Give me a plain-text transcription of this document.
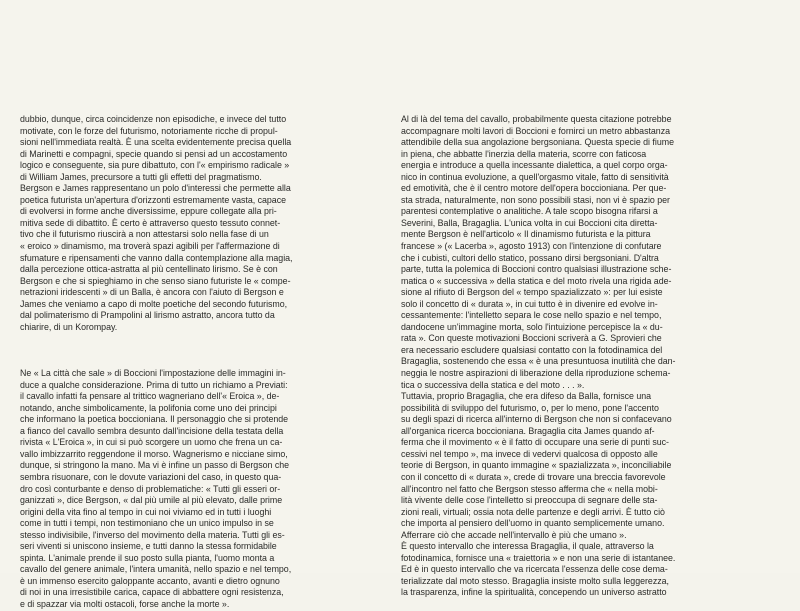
dubbio, dunque, circa coincidenze non episodiche, e invece del tutto
motivate, con le forze del futurismo, notoriamente ricche di propul-
sioni nell'immediata realtà. È una scelta evidentemente precisa quella
di Marinetti e compagni, specie quando si pensi ad un accostamento
logico e conseguente, sia pure dibattuto, con l'« empirismo radicale »
di William James, precursore a tutti gli effetti del pragmatismo.
Bergson e James rappresentano un polo d'interessi che permette alla
poetica futurista un'apertura d'orizzonti estremamente vasta, capace
di evolversi in forme anche diversissime, eppure collegate alla pri-
mitiva sede di dibattito. È certo è attraverso questo tessuto connet-
tivo che il futurismo riuscirà a non attestarsi solo nella fase di un
« eroico » dinamismo, ma troverà spazi agibili per l'affermazione di
sfumature e ripensamenti che vanno dalla contemplazione alla magia,
dalla percezione ottica-astratta al più centellinato lirismo. Se è con
Bergson e che si spieghiamo in che senso siano futuriste le « compe-
netrazioni iridescenti » di un Balla, è ancora con l'aiuto di Bergson e
James che veniamo a capo di molte poetiche del secondo futurismo,
dal polimaterismo di Prampolini al lirismo astratto, ancora tutto da
chiarire, di un Korompay.

Ne « La città che sale » di Boccioni l'impostazione delle immagini in-
duce a qualche considerazione. Prima di tutto un richiamo a Previati:
il cavallo infatti fa pensare al trittico wagneriano dell'« Eroica », de-
notando, anche simbolicamente, la polifonia come uno dei principi
che informano la poetica boccioniana. Il personaggio che si protende
a fianco del cavallo sembra desunto dall'incisione della testata della
rivista « L'Eroica », in cui si può scorgere un uomo che frena un ca-
vallo imbizzarrito reggendone il morso. Wagnerismo e nicciane simo,
dunque, si stringono la mano. Ma vi è infine un passo di Bergson che
sembra risuonare, con le dovute variazioni del caso, in questo qua-
dro così conturbante e denso di problematiche: « Tutti gli esseri or-
ganizzati », dice Bergson, « dal più umile al più elevato, dalle prime
origini della vita fino al tempo in cui noi viviamo ed in tutti i luoghi
come in tutti i tempi, non testimoniano che un unico impulso in se
stesso indivisibile, l'inverso del movimento della materia. Tutti gli es-
seri viventi si uniscono insieme, e tutti danno la stessa formidabile
spinta. L'animale prende il suo posto sulla pianta, l'uomo monta a
cavallo del genere animale, l'intera umanità, nello spazio e nel tempo,
è un immenso esercito galoppante accanto, avanti e dietro ognuno
di noi in una irresistibile carica, capace di abbattere ogni resistenza,
e di spazzar via molti ostacoli, forse anche la morte ».

Al di là del tema del cavallo, probabilmente questa citazione potrebbe
accompagnare molti lavori di Boccioni e fornirci un metro abbastanza
attendibile della sua angolazione bergsoniana. Questa specie di fiume
in piena, che abbatte l'inerzia della materia, scorre con faticosa
energia e introduce a quella incessante dialettica, a quel corpo orga-
nico in continua evoluzione, a quell'orgasmo vitale, fatto di sensitività
ed emotività, che è il centro motore dell'opera boccioniana. Per que-
sta strada, naturalmente, non sono possibili stasi, non vi è spazio per
parentesi contemplative o analitiche. A tale scopo bisogna rifarsi a
Severini, Balla, Bragaglia. L'unica volta in cui Boccioni cita diretta-
mente Bergson è nell'articolo « Il dinamismo futurista e la pittura
francese » (« Lacerba », agosto 1913) con l'intenzione di confutare
che i cubisti, cultori dello statico, possano dirsi bergsoniani. D'altra
parte, tutta la polemica di Boccioni contro qualsiasi illustrazione sche-
matica o « successiva » della statica e del moto rivela una rigida ade-
sione al rifiuto di Bergson del « tempo spazializzato »: per lui esiste
solo il concetto di « durata », in cui tutto è in divenire ed evolve in-
cessantemente: l'intelletto separa le cose nello spazio e nel tempo,
dandocene un'immagine morta, solo l'intuizione percepisce la « du-
rata ». Con queste motivazioni Boccioni scriverà a G. Sprovieri che
era necessario escludere qualsiasi contatto con la fotodinamica del
Bragaglia, sostenendo che essa « è una presuntuosa inutilità che dan-
neggia le nostre aspirazioni di liberazione della riproduzione schema-
tica o successiva della statica e del moto . . . ».

Tuttavia, proprio Bragaglia, che era difeso da Balla, fornisce una
possibilità di sviluppo del futurismo, o, per lo meno, pone l'accento
su degli spazi di ricerca all'interno di Bergson che non si confacevano
all'organica ricerca boccioniana. Bragaglia cita James quando af-
ferma che il movimento « è il fatto di occupare una serie di punti suc-
cessivi nel tempo », ma invece di vedervi qualcosa di opposto alle
teorie di Bergson, in quanto immagine « spazializzata », inconciliabile
con il concetto di « durata », crede di trovare una breccia favorevole
all'incontro nel fatto che Bergson stesso afferma che « nella mobi-
lità vivente delle cose l'intelletto si preoccupa di segnare delle sta-
zioni reali, virtuali; ossia nota delle partenze e degli arrivi. È tutto ciò
che importa al pensiero dell'uomo in quanto semplicemente umano.
Afferrare ciò che accade nell'intervallo è più che umano ».

È questo intervallo che interessa Bragaglia, il quale, attraverso la
fotodinamica, fornisce una « traiettoria » e non una serie di istantanee.
Ed è in questo intervallo che va ricercata l'essenza delle cose dema-
terializzate dal moto stesso. Bragaglia insiste molto sulla leggerezza,
la trasparenza, infine la spiritualità, concependo un universo astratto
